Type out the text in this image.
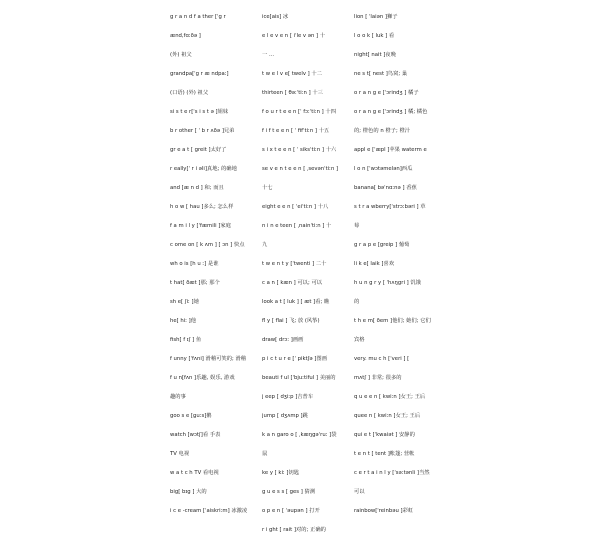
g r a n d f a ther [ˈg r
ænd,fɑːðə ]
(外) 祖父
grandpa[ˈg r æ ndpaː]
(口语) (外) 祖父
si s t e r[ˈs i s t ə ]姐妹
b r other [ ˈ b r ʌðə ]兄弟
gr e a t [ greit ]太好了
r eally[ˈ r i əli]真地; 的确地
and [æ n d ] 和; 而且
h o w [ hau ]多么; 怎么样
f a m i l y [ˈfæmili ]家庭
c ome on [ k ʌm ] [ ɔn ] 快点
wh o is [h u ː] 是谁
t hat[ ðæt ]那; 那个
sh e[ ʃiː ]她
he[ hiː ]他
fish[ f ɪʃ ] 鱼
f unny [ˈfʌni] 滑稽可笑的; 滑稽
f u n[fʌn ]乐趣, 娱乐, 游戏
趣的事
goo s e [ɡuːs]鹅
watch [wɔtʃ]看 手表
TV 电视
w a t c h TV 看电视
big[ bɪg ] 大的
i c e -cream [ˈaiskriːm] 冰激凌
ice[ais] 冰
e l e v e n [ iˈle v ən ] 十
一 ...
t w e l v e[ twelv ] 十二
thirteen [ θəːˈtiːn ] 十三
f o u r t e e n [ˈ fɔːˈtiːn ] 十四
f i f t e e n [ ˈ fifˈtiːn ] 十五
s i x t e e n [ ˈ siksˈtiːn ] 十六
se v e n t e e n [ ˌsevənˈtiːn ]
十七
eight e e n [ ˈeiˈtiːn ] 十八
n i n e teen [ ˌnainˈtiːn ] 十
九
t w e n t y [ˈtwenti ] 二十
c a n [ kæn ] 可以; 可以
look a t [ luk ] [ æt ]看; 瞧
fl y [ flai ] 飞; 放 (风筝)
draw[ drɔː ]画画
p i c t u r e [ˈ piktʃə ]图画
beauti f ul [ˈbjuːtiful ] 美丽的
j eep [ dʒiːp ]吉普车
jump [ dʒʌmp ]跳
k a n garo o [ ˌkæŋgəˈruː ]袋
鼠
ke y [ kiː ]钥匙
g u e s s [ ges ] 猜测
o p e n [ ˈəupən ] 打开
r i ght [ rait ]对的; 正确的
lion [ ˈlaiən ]狮子
l o o k [ luk ] 看
night[ nait ]夜晚
ne s t[ nest ]鸟窝; 巢
o r a n g e [ˈɔrindʒ ] 橘子
o r a n g e [ˈɔrindʒ ] 橘; 橘色
的; 橙色的 n 橙子; 橙汁
appl e [ˈæpl ]苹果 waterm e
l o n [ˈwɔtəmelən]西瓜
banana[ bəˈnɑːnə ] 香蕉
s t r a wberry[ˈstrɔːbəri ] 草
莓
g r a p e [greip ] 葡萄
li k e[ laik ]喜欢
h u n g r y [ ˈhʌŋgri ] 饥饿
的
t h e m[ ðem ]他们; 她们; 它们
宾格
very. mu c h [ˈveri ] [
mʌtʃ ] 非常; 很多的
q u e e n [ kwiːn ]女王; 王后
quee n [ kwiːn ]女王; 王后
qui e t [ˈkwaiət ] 安静的
t e n t [ tent ]帐篷; 营帐
c e r t a i n l y [ˈsəːtənli ]当然
可以
rainbow[ˈreinbəu ]彩虹
